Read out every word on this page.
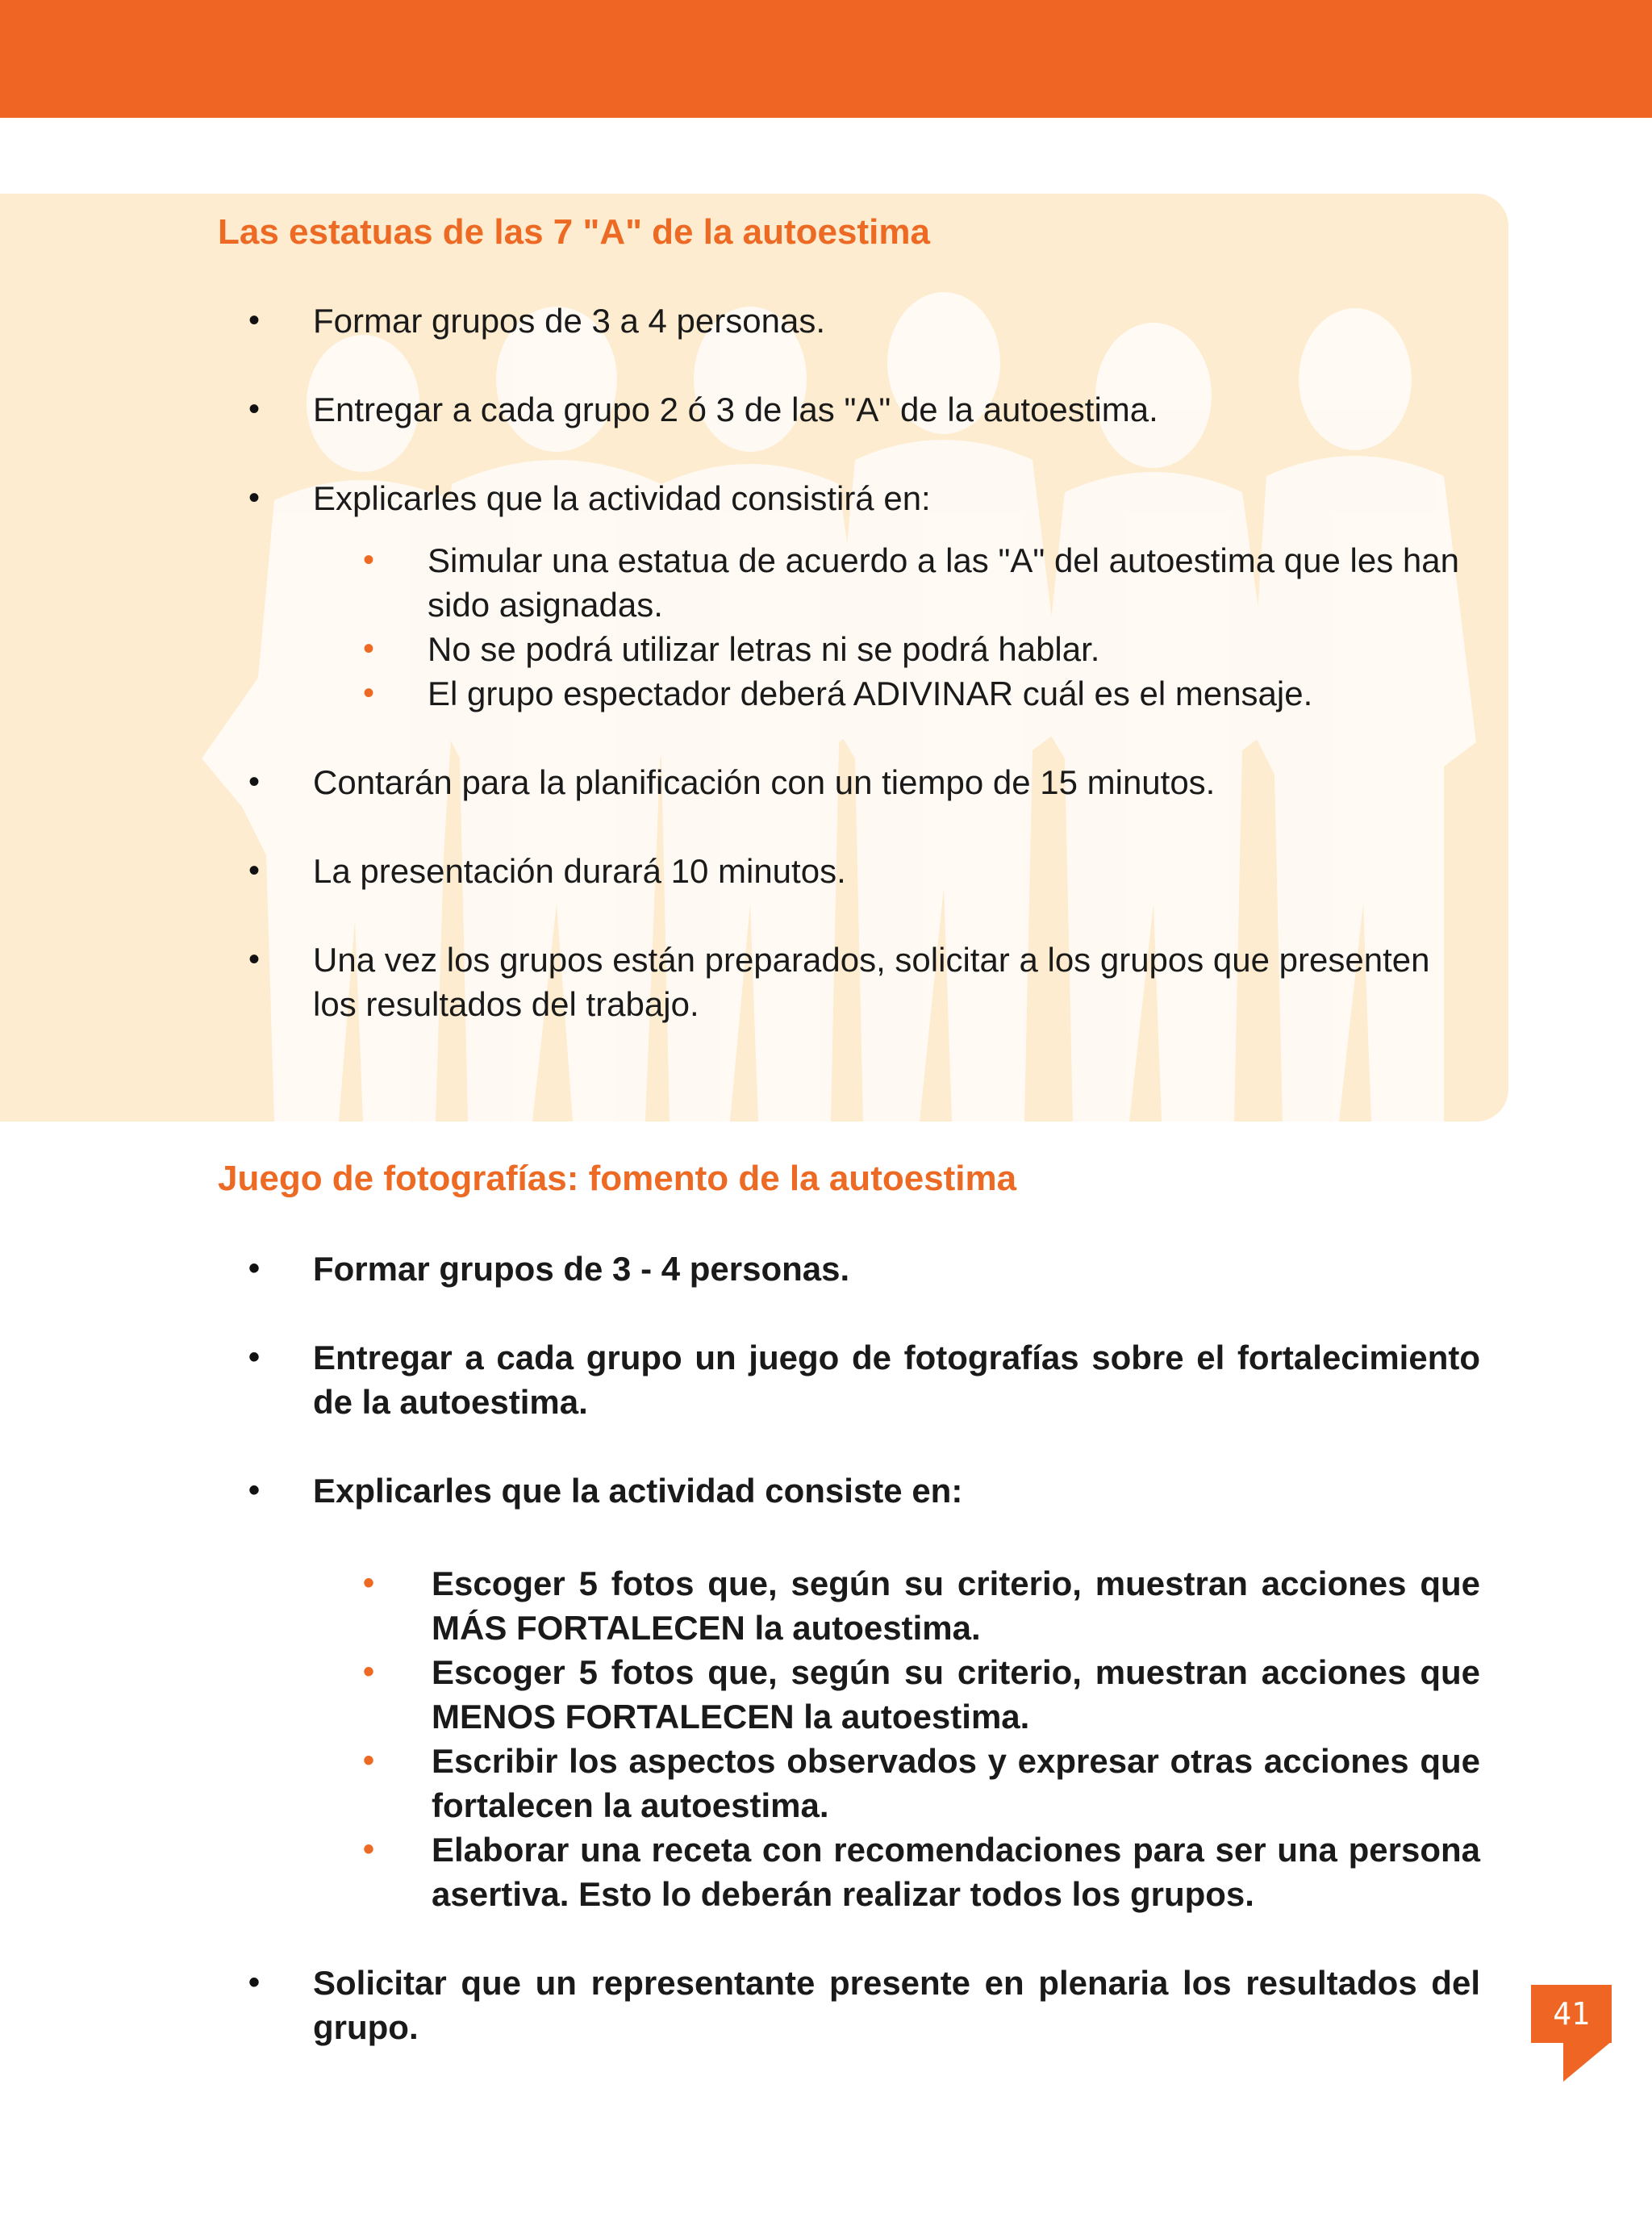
Las estatuas de las 7 "A" de la autoestima
• Formar grupos de 3 a 4 personas.
• Entregar a cada grupo 2 ó 3 de las "A" de la autoestima.
• Explicarles que la actividad consistirá en:
• Simular una estatua de acuerdo a las "A" del autoestima que les han sido asignadas.
• No se podrá utilizar letras ni se podrá hablar.
• El grupo espectador deberá ADIVINAR cuál es el mensaje.
• Contarán para la planificación con un tiempo de 15 minutos.
• La presentación durará 10 minutos.
• Una vez los grupos están preparados, solicitar a los grupos que presenten los resultados del trabajo.
Juego de fotografías: fomento de la autoestima
• Formar grupos de 3 - 4 personas.
• Entregar a cada grupo un juego de fotografías sobre el fortalecimiento de la autoestima.
• Explicarles que la actividad consiste en:
• Escoger 5 fotos que, según su criterio, muestran acciones que MÁS FORTALECEN la autoestima.
• Escoger 5 fotos que, según su criterio, muestran acciones que MENOS FORTALECEN la autoestima.
• Escribir los aspectos observados y expresar otras acciones que fortalecen la autoestima.
• Elaborar una receta con recomendaciones para ser una persona asertiva. Esto lo deberán realizar todos los grupos.
• Solicitar que un representante presente en plenaria los resultados del grupo.	41
